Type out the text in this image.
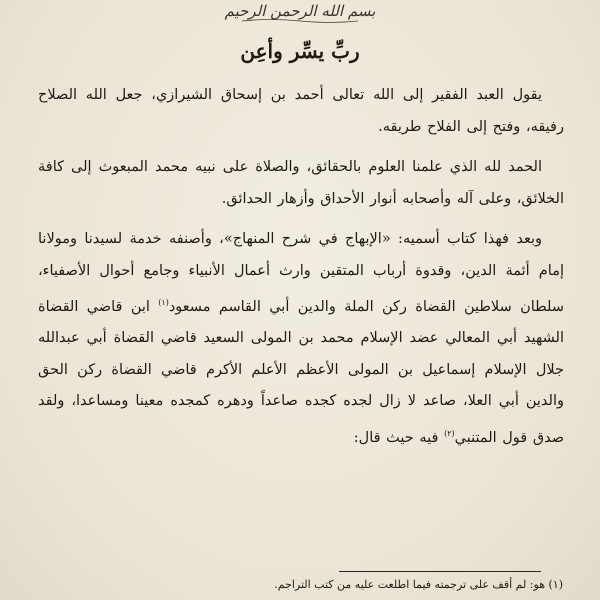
بسم الله الرحمن الرحيم
ربِّ يسِّر وأعِن

يقول العبد الفقير إلى الله تعالى أحمد بن إسحاق الشيرازي، جعل الله الصلاح رفيقه، وفتح إلى الفلاح طريقه.

الحمد لله الذي علمنا العلوم بالحقائق، والصلاة على نبيه محمد المبعوث إلى كافة الخلائق، وعلى آله وأصحابه أنوار الأحداق وأزهار الحدائق.

وبعد فهذا كتاب أسميه: «الإبهاج في شرح المنهاج»، وأصنفه خدمة لسيدنا ومولانا إمام أئمة الدين، وقدوة أرباب المتقين وارث أعمال الأنبياء وجامع أحوال الأصفياء، سلطان سلاطين القضاة ركن الملة والدين أبي القاسم مسعود$^{(١)}$ ابن قاضي القضاة الشهيد أبي المعالي عضد الإسلام محمد بن المولى السعيد قاضي القضاة أبي عبدالله جلال الإسلام إسماعيل بن المولى الأعظم الأعلم الأكرم قاضي القضاة ركن الحق والدين أبي العلا، صاعد لا زال لجده كجده صاعداً ودهره كمجده معينا ومساعدا، ولقد صدق قول المتنبي$^{(٢)}$ فيه حيث قال:

(١) هو: لم أقف على ترجمته فيما اطلعت عليه من كتب التراجم.
